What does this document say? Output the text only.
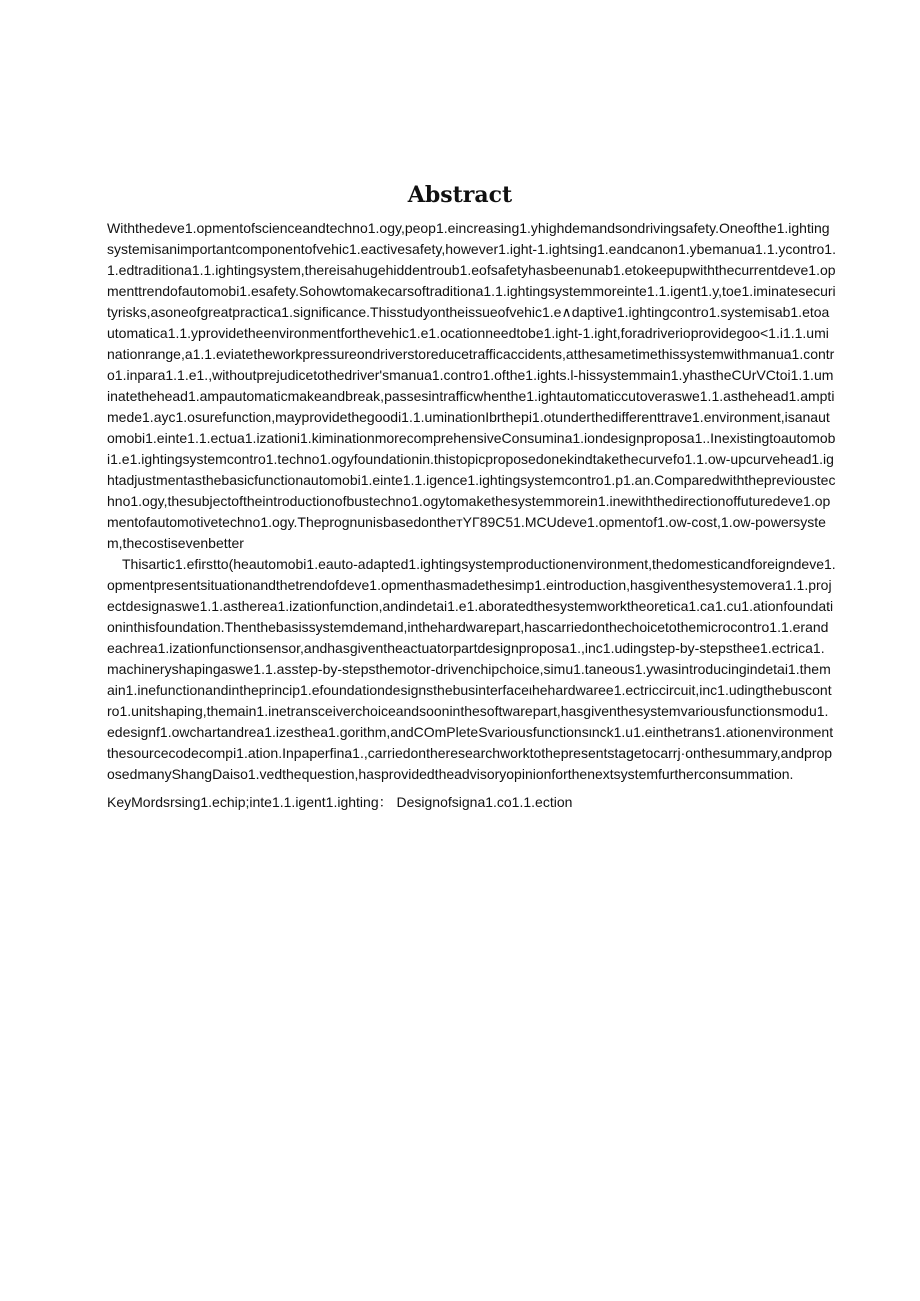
Abstract

Withthedeve1.opmentofscienceandtechno1.ogy,peop1.eincreasing1.yhighdemandsondrivingsafety.Oneofthe1.ightingsystemisanimportantcomponentofvehic1.eactivesafety,however1.ight-1.ightsing1.eandcanon1.ybemanua1.1.ycontro1.1.edtraditiona1.1.ightingsystem,thereisahugehiddentroub1.eofsafetyhasbeenunab1.etokeepupwiththecurrentdeve1.opmenttrendofautomobi1.esafety.Sohowtomakecarsoftraditiona1.1.ightingsystemmoreinte1.1.igent1.y,toe1.iminatesecurityrisks,asoneofgreatpractica1.significance.Thisstudyontheissueofvehic1.e∧daptive1.ightingcontro1.systemisab1.etoautomatica1.1.yprovidetheenvironmentforthevehic1.e1.ocationneedtobe1.ight-1.ight,foradriverioprovidegoo<1.i1.1.uminationrange,a1.1.eviatetheworkpressureondriverstoreducetrafficaccidents,atthesametimethissystemwithmanua1.contro1.inpara1.1.e1.,withoutprejudicetothedriver'smanua1.contro1.ofthe1.ights.l-hissystemmain1.yhastheCUrVCtoi1.1.uminatethehead1.ampautomaticmakeandbreak,passesintrafficwhenthe1.ightautomaticcutoveraswe1.1.asthehead1.amptimede1.ayc1.osurefunction,mayprovidethegoodi1.1.uminationIbrthepi1.otunderthedifferenttrave1.environment,isanautomobi1.einte1.1.ectua1.izationi1.kiminationmorecomprehensiveConsumina1.iondesignproposa1..Inexistingtoautomobi1.e1.ightingsystemcontro1.techno1.ogyfoundationin.thistopicproposedonekindtakethecurvefo1.1.ow-upcurvehead1.ightadjustmentasthebasicfunctionautomobi1.einte1.1.igence1.ightingsystemcontro1.p1.an.Comparedwiththeprevioustechno1.ogy,thesubjectoftheintroductionofbustechno1.ogytomakethesystemmorein1.inewiththedirectionoffuturedeve1.opmentofautomotivetechno1.ogy.TheprognunisbasedontheтΥΓ89C51.MCUdeve1.opmentof1.ow-cost,1.ow-powersystem,thecostisevenbetter

Thisartic1.efirstto(heautomobi1.eauto-adapted1.ightingsystemproductionenvironment,thedomesticandforeigndeve1.opmentpresentsituationandthetrendofdeve1.opmenthasmadethesimp1.eintroduction,hasgiventhesystemovera1.1.projectdesignaswe1.1.astherea1.izationfunction,andindetai1.e1.aboratedthesystemworktheoretica1.ca1.cu1.ationfoundationinthisfoundation.Thenthebasissystemdemand,inthehardwarepart,hascarriedonthechoicetothemicrocontro1.1.erandeachrea1.izationfunctionsensor,andhasgiventheactuatorpartdesignproposa1.,inc1.udingstep-by-stepsthee1.ectrica1.machineryshapingaswe1.1.asstep-by-stepsthemotor-drivenchipchoice,simu1.taneous1.ywasintroducingindetai1.themain1.inefunctionandintheprincip1.efoundationdesignsthebusinterfaceιhehardwaree1.ectriccircuit,inc1.udingthebuscontro1.unitshaping,themain1.inetransceiverchoiceandsooninthesoftwarepart,hasgiventhesystemvariousfunctionsmodu1.edesignf1.owchartandrea1.izesthea1.gorithm,andCOmPleteSvariousfunctionsιnck1.u1.einthetrans1.ationenvironmentthesourcecodecompi1.ation.Inpaperfina1.,carriedontheresearchworktothepresentstagetocarrj·onthesummary,andproposedmanyShangDaiso1.vedthequestion,hasprovidedtheadvisoryopinionforthenextsystemfurtherconsummation.

KeyMordsrsing1.echip;inte1.1.igent1.ighting： Designofsigna1.co1.1.ection
